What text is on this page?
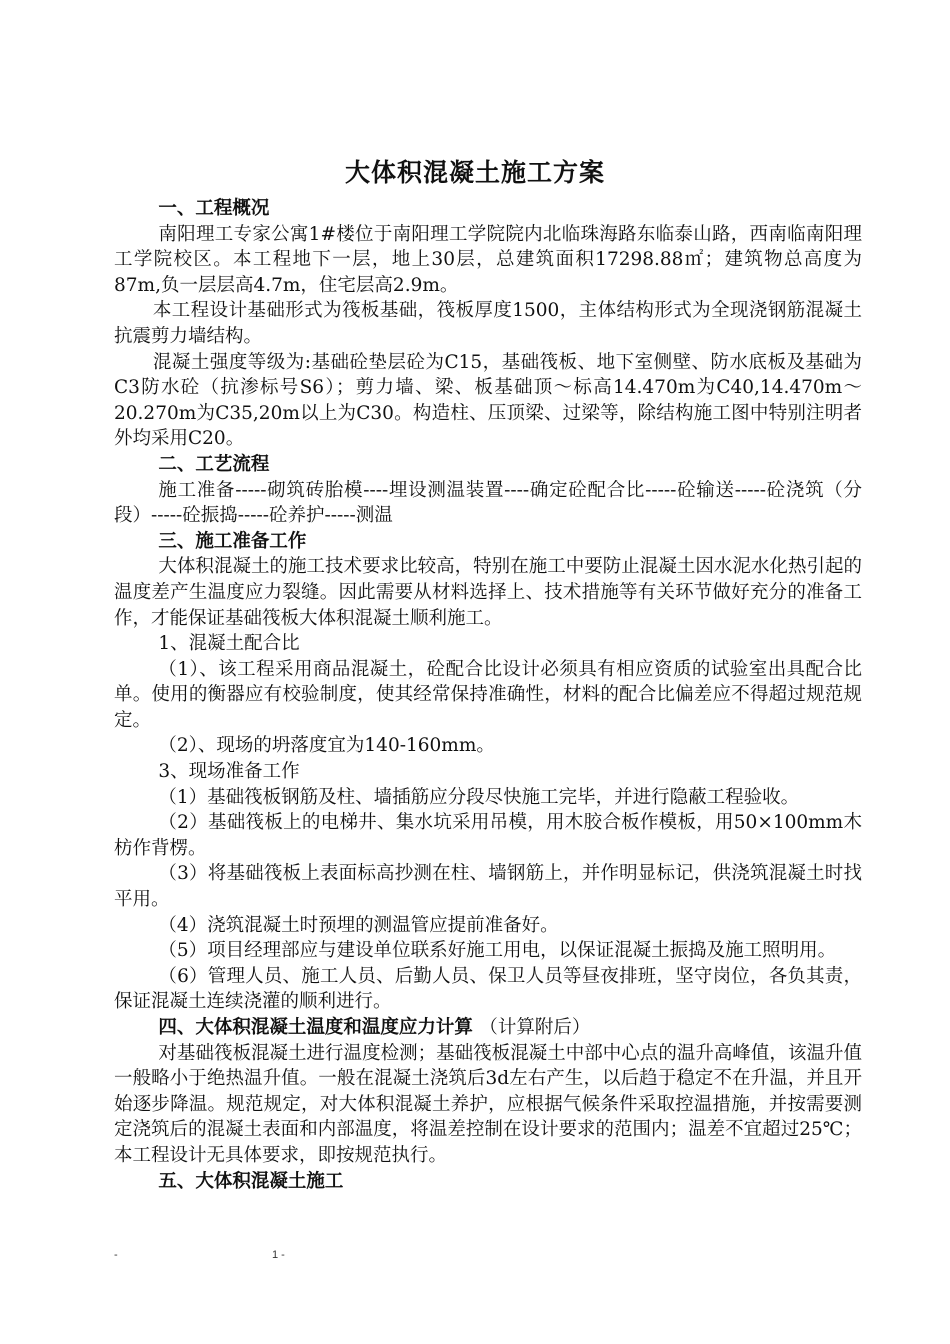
大体积混凝土施工方案

一、工程概况

南阳理工专家公寓1#楼位于南阳理工学院院内北临珠海路东临泰山路，西南临南阳理工学院校区。本工程地下一层，地上30层，总建筑面积17298.88㎡；建筑物总高度为87m,负一层层高4.7m，住宅层高2.9m。

本工程设计基础形式为筏板基础，筏板厚度1500，主体结构形式为全现浇钢筋混凝土抗震剪力墙结构。

混凝土强度等级为:基础砼垫层砼为C15，基础筏板、地下室侧壁、防水底板及基础为C3防水砼（抗渗标号S6）；剪力墙、梁、板基础顶～标高14.470m为C40,14.470m～20.270m为C35,20m以上为C30。构造柱、压顶梁、过梁等，除结构施工图中特别注明者外均采用C20。

二、工艺流程

施工准备-----砌筑砖胎模----埋设测温装置----确定砼配合比-----砼输送-----砼浇筑（分段）-----砼振捣-----砼养护-----测温

三、施工准备工作

大体积混凝土的施工技术要求比较高，特别在施工中要防止混凝土因水泥水化热引起的温度差产生温度应力裂缝。因此需要从材料选择上、技术措施等有关环节做好充分的准备工作，才能保证基础筏板大体积混凝土顺利施工。

1、混凝土配合比

（1）、该工程采用商品混凝土，砼配合比设计必须具有相应资质的试验室出具配合比单。使用的衡器应有校验制度，使其经常保持准确性，材料的配合比偏差应不得超过规范规定。

（2）、现场的坍落度宜为140-160mm。

3、现场准备工作

（1）基础筏板钢筋及柱、墙插筋应分段尽快施工完毕，并进行隐蔽工程验收。

（2）基础筏板上的电梯井、集水坑采用吊模，用木胶合板作模板，用50×100mm木枋作背楞。

（3）将基础筏板上表面标高抄测在柱、墙钢筋上，并作明显标记，供浇筑混凝土时找平用。

（4）浇筑混凝土时预埋的测温管应提前准备好。

（5）项目经理部应与建设单位联系好施工用电，以保证混凝土振捣及施工照明用。

（6）管理人员、施工人员、后勤人员、保卫人员等昼夜排班，坚守岗位，各负其责，保证混凝土连续浇灌的顺利进行。

四、大体积混凝土温度和温度应力计算 （计算附后）

对基础筏板混凝土进行温度检测；基础筏板混凝土中部中心点的温升高峰值，该温升值一般略小于绝热温升值。一般在混凝土浇筑后3d左右产生，以后趋于稳定不在升温，并且开始逐步降温。规范规定，对大体积混凝土养护，应根据气候条件采取控温措施，并按需要测定浇筑后的混凝土表面和内部温度，将温差控制在设计要求的范围内；温差不宜超过25℃；本工程设计无具体要求，即按规范执行。

五、大体积混凝土施工

-	1 -
